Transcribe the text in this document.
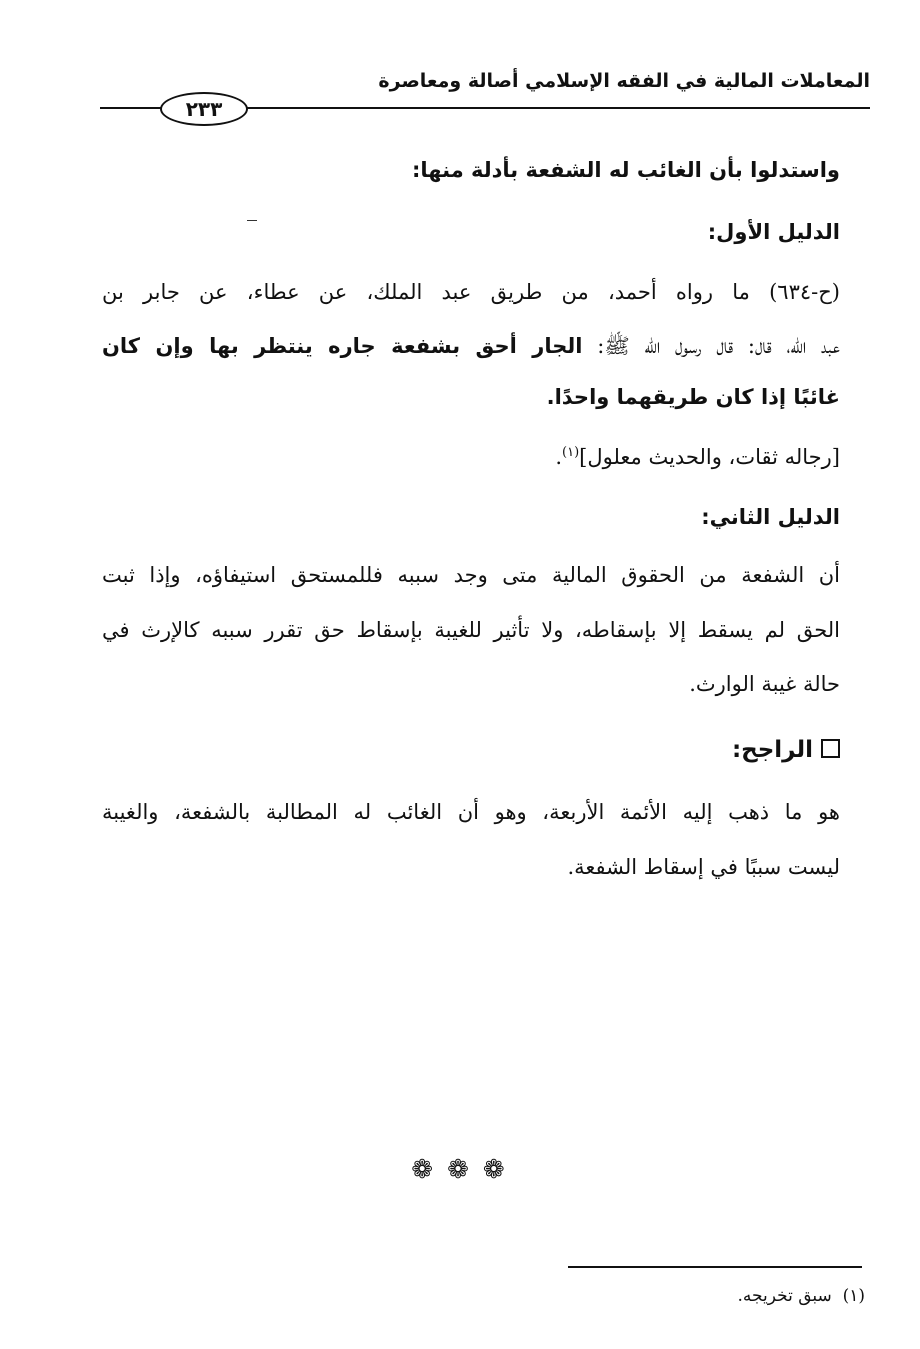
المعاملات المالية في الفقه الإسلامي أصالة ومعاصرة
٢٣٣
واستدلوا بأن الغائب له الشفعة بأدلة منها:
الدليل الأول:
(ح-٦٣٤) ما رواه أحمد، من طريق عبد الملك، عن عطاء، عن جابر بن
عبد الله، قال: قال رسول الله ﷺ: الجار أحق بشفعة جاره ينتظر بها وإن كان
غائبًا إذا كان طريقهما واحدًا.
[رجاله ثقات، والحديث معلول]$^{(١)}$.
الدليل الثاني:
أن الشفعة من الحقوق المالية متى وجد سببه فللمستحق استيفاؤه، وإذا ثبت
الحق لم يسقط إلا بإسقاطه، ولا تأثير للغيبة بإسقاط حق تقرر سببه كالإرث في
حالة غيبة الوارث.
الراجح:
هو ما ذهب إليه الأئمة الأربعة، وهو أن الغائب له المطالبة بالشفعة، والغيبة
ليست سببًا في إسقاط الشفعة.
❁❁❁
(١)  سبق تخريجه.
